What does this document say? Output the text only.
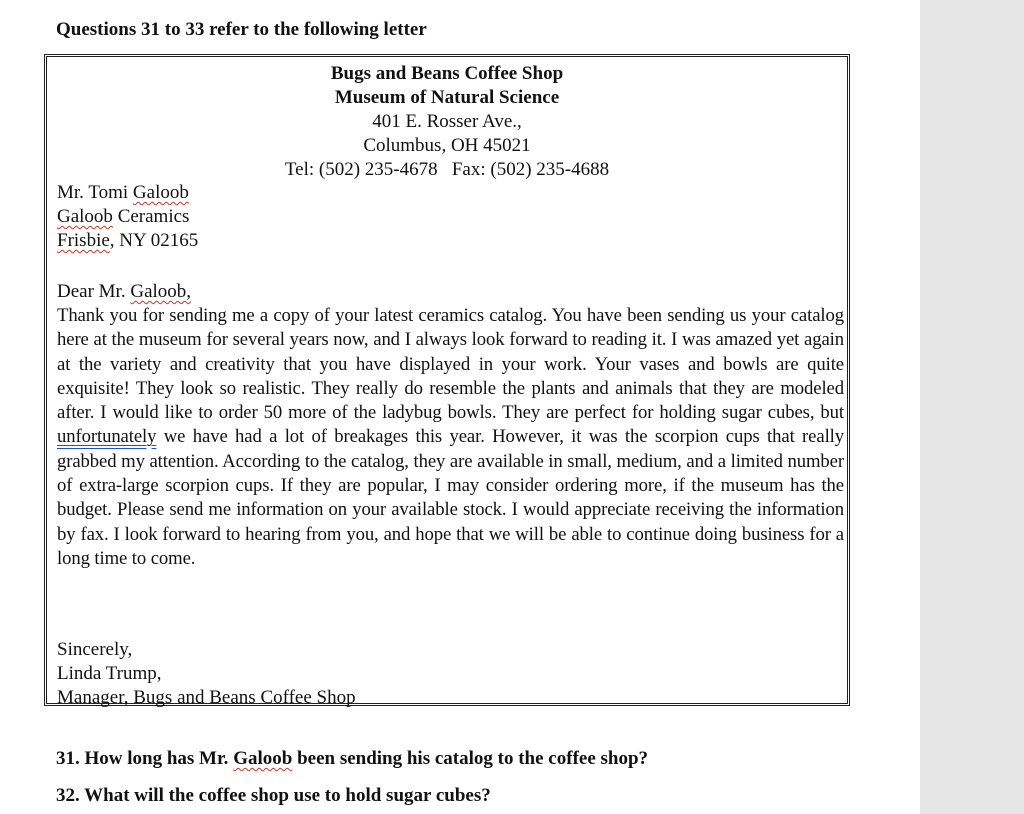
Questions 31 to 33 refer to the following letter
Bugs and Beans Coffee Shop
Museum of Natural Science
401 E. Rosser Ave.,
Columbus, OH 45021
Tel: (502) 235-4678   Fax: (502) 235-4688
Mr. Tomi Galoob
Galoob Ceramics
Frisbie, NY 02165
Dear Mr. Galoob,
Thank you for sending me a copy of your latest ceramics catalog. You have been sending us your catalog here at the museum for several years now, and I always look forward to reading it. I was amazed yet again at the variety and creativity that you have displayed in your work. Your vases and bowls are quite exquisite! They look so realistic. They really do resemble the plants and animals that they are modeled after. I would like to order 50 more of the ladybug bowls. They are perfect for holding sugar cubes, but unfortunately we have had a lot of breakages this year. However, it was the scorpion cups that really grabbed my attention. According to the catalog, they are available in small, medium, and a limited number of extra-large scorpion cups. If they are popular, I may consider ordering more, if the museum has the budget. Please send me information on your available stock. I would appreciate receiving the information by fax. I look forward to hearing from you, and hope that we will be able to continue doing business for a long time to come.
Sincerely,
Linda Trump,
Manager, Bugs and Beans Coffee Shop
31. How long has Mr. Galoob been sending his catalog to the coffee shop?
32. What will the coffee shop use to hold sugar cubes?
